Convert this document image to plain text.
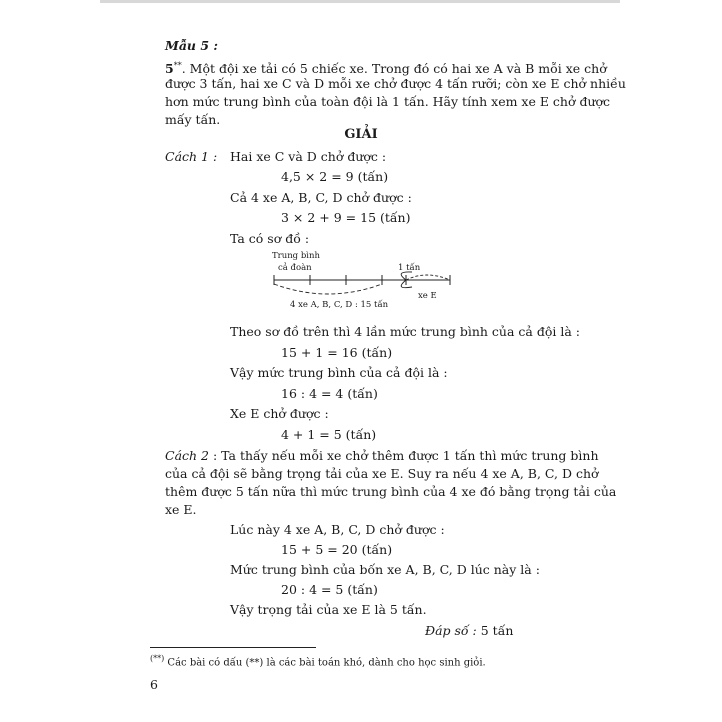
Mẫu 5 :
5**. Một đội xe tải có 5 chiếc xe. Trong đó có hai xe A và B mỗi xe chở
được 3 tấn, hai xe C và D mỗi xe chở được 4 tấn rưỡi; còn xe E chở nhiều
hơn mức trung bình của toàn đội là 1 tấn. Hãy tính xem xe E chở được
mấy tấn.
GIẢI
Cách 1 : Hai xe C và D chở được :
4,5 × 2 = 9 (tấn)
Cả 4 xe A, B, C, D chở được :
3 × 2 + 9 = 15 (tấn)
Ta có sơ đồ :
Trung bình
cả đoàn	1 tấn
xe E
4 xe A, B, C, D : 15 tấn
Theo sơ đồ trên thì 4 lần mức trung bình của cả đội là :
15 + 1 = 16 (tấn)
Vậy mức trung bình của cả đội là :
16 : 4 = 4 (tấn)
Xe E chở được :
4 + 1 = 5 (tấn)
Cách 2 : Ta thấy nếu mỗi xe chở thêm được 1 tấn thì mức trung bình
của cả đội sẽ bằng trọng tải của xe E. Suy ra nếu 4 xe A, B, C, D chở
thêm được 5 tấn nữa thì mức trung bình của 4 xe đó bằng trọng tải của
xe E.
Lúc này 4 xe A, B, C, D chở được :
15 + 5 = 20 (tấn)
Mức trung bình của bốn xe A, B, C, D lúc này là :
20 : 4 = 5 (tấn)
Vậy trọng tải của xe E là 5 tấn.
Đáp số : 5 tấn
(**) Các bài có dấu (**) là các bài toán khó, dành cho học sinh giỏi.
6
